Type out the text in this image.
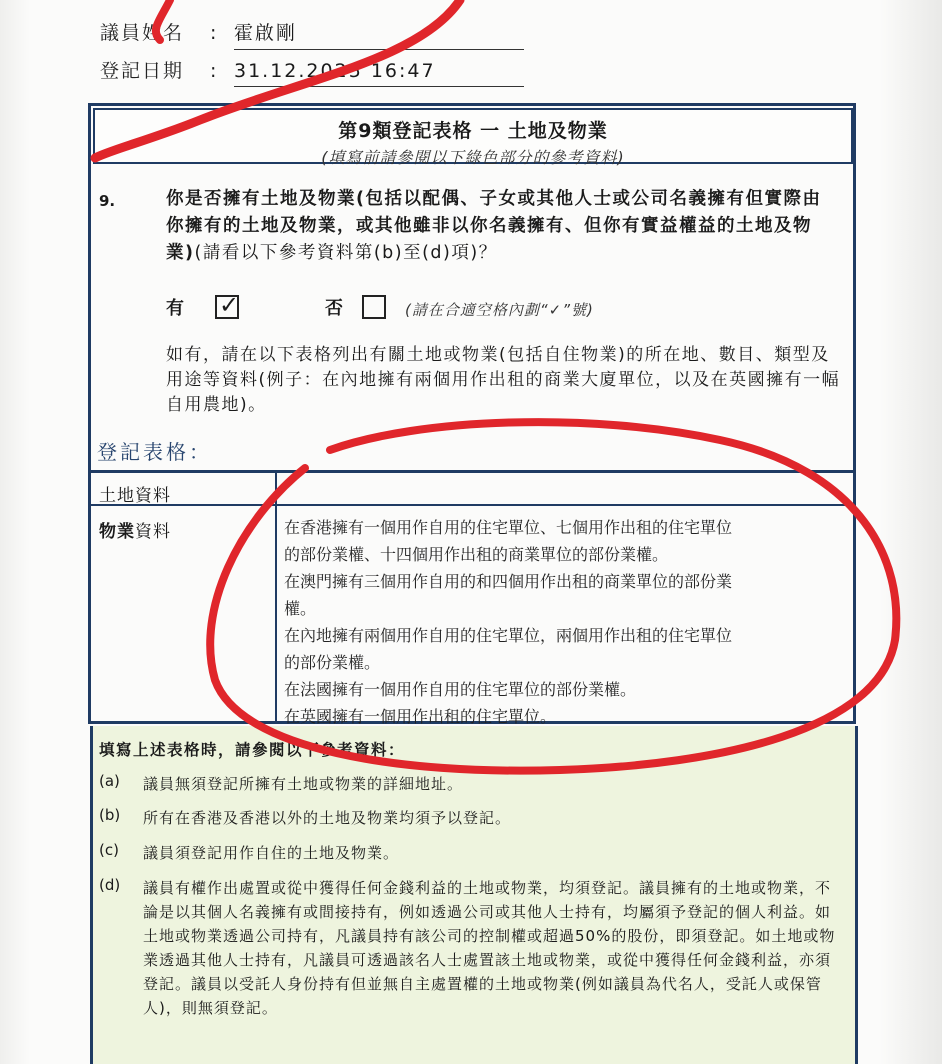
議員姓名 : 霍啟剛
登記日期 : 31.12.2025 16:47
第9類登記表格 一 土地及物業
(填寫前請參閱以下綠色部分的參考資料)
9.	你是否擁有土地及物業(包括以配偶、子女或其他人士或公司名義擁有但實際由你擁有的土地及物業，或其他雖非以你名義擁有、但你有實益權益的土地及物業)(請看以下參考資料第(b)至(d)項)？
有 ✓	否	(請在合適空格內劃“✓”號)
如有，請在以下表格列出有關土地或物業(包括自住物業)的所在地、數目、類型及用途等資料(例子：在內地擁有兩個用作出租的商業大廈單位，以及在英國擁有一幅自用農地)。
登記表格：
土地資料
物業資料	在香港擁有一個用作自用的住宅單位、七個用作出租的住宅單位
的部份業權、十四個用作出租的商業單位的部份業權。
在澳門擁有三個用作自用的和四個用作出租的商業單位的部份業
權。
在內地擁有兩個用作自用的住宅單位，兩個用作出租的住宅單位
的部份業權。
在法國擁有一個用作自用的住宅單位的部份業權。
在英國擁有一個用作出租的住宅單位。
填寫上述表格時，請參閱以下參考資料：
(a)	議員無須登記所擁有土地或物業的詳細地址。
(b)	所有在香港及香港以外的土地及物業均須予以登記。
(c)	議員須登記用作自住的土地及物業。
(d)	議員有權作出處置或從中獲得任何金錢利益的土地或物業，均須登記。議員擁有的土地或物業，不論是以其個人名義擁有或間接持有，例如透過公司或其他人士持有，均屬須予登記的個人利益。如土地或物業透過公司持有，凡議員持有該公司的控制權或超過50%的股份，即須登記。如土地或物業透過其他人士持有，凡議員可透過該名人士處置該土地或物業，或從中獲得任何金錢利益，亦須登記。議員以受託人身份持有但並無自主處置權的土地或物業(例如議員為代名人，受託人或保管人)，則無須登記。
